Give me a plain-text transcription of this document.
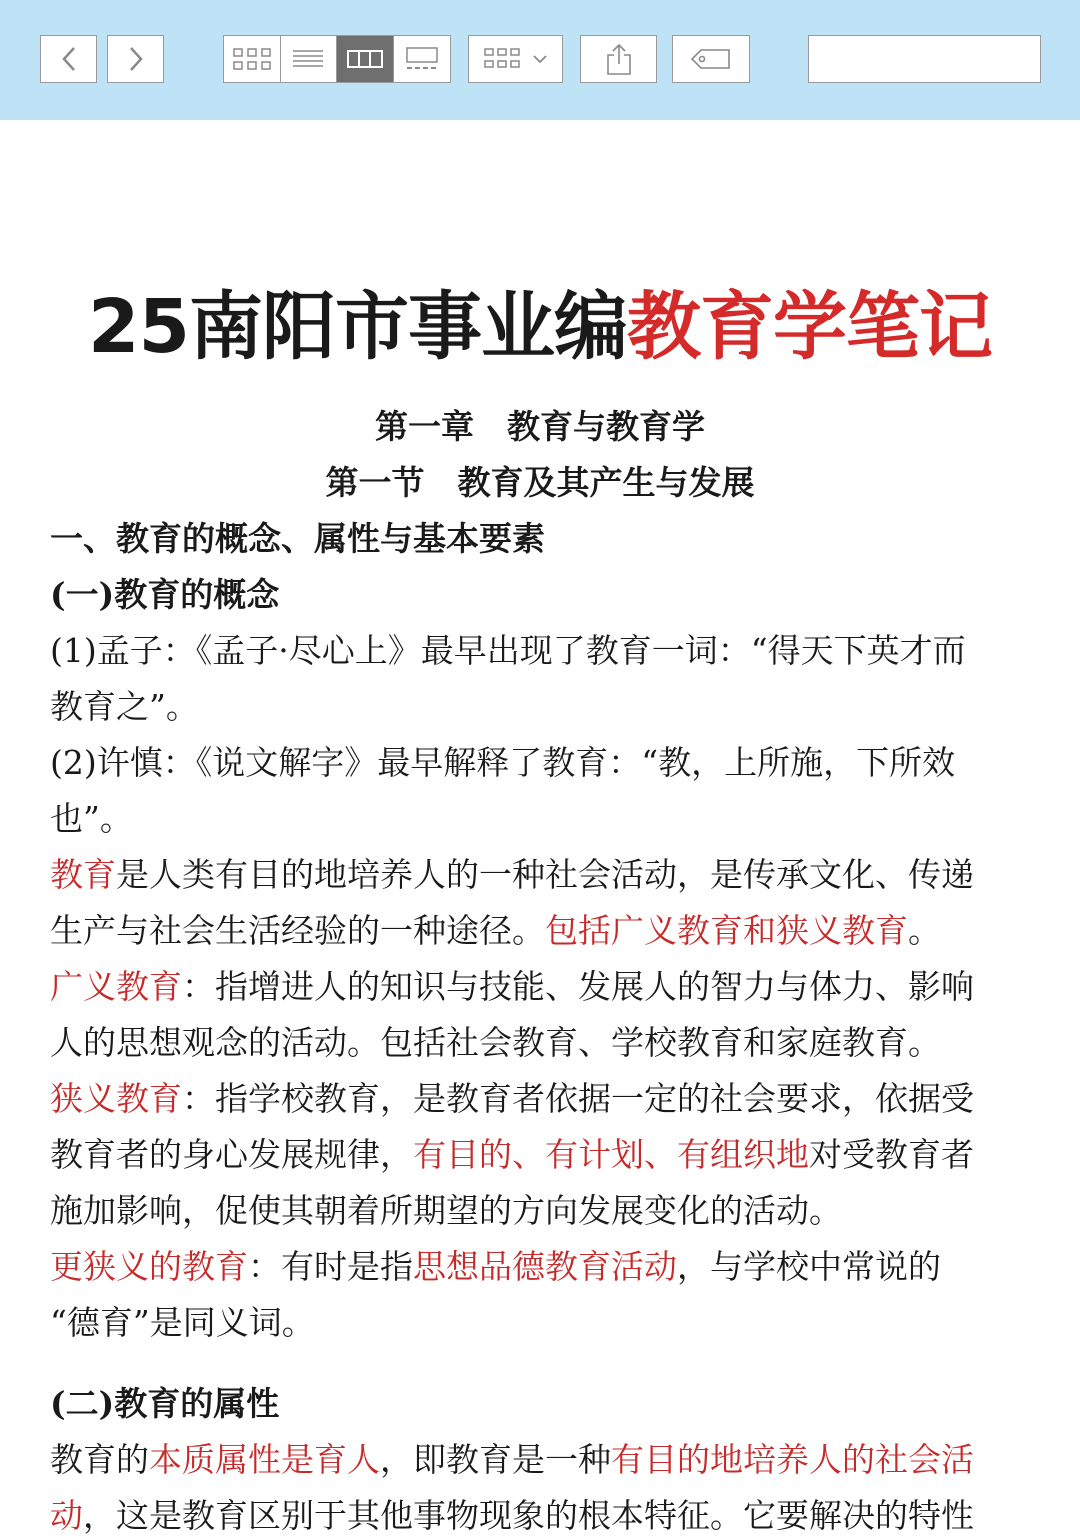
25南阳市事业编教育学笔记
第一章　教育与教育学
第一节　教育及其产生与发展
一、教育的概念、属性与基本要素
(一)教育的概念
(1)孟子：《孟子·尽心上》最早出现了教育一词：“得天下英才而
教育之”。
(2)许慎：《说文解字》最早解释了教育：“教，上所施，下所效
也”。
教育是人类有目的地培养人的一种社会活动，是传承文化、传递
生产与社会生活经验的一种途径。包括广义教育和狭义教育。
广义教育：指增进人的知识与技能、发展人的智力与体力、影响
人的思想观念的活动。包括社会教育、学校教育和家庭教育。
狭义教育：指学校教育，是教育者依据一定的社会要求，依据受
教育者的身心发展规律，有目的、有计划、有组织地对受教育者
施加影响，促使其朝着所期望的方向发展变化的活动。
更狭义的教育：有时是指思想品德教育活动，与学校中常说的
“德育”是同义词。
(二)教育的属性
教育的本质属性是育人，即教育是一种有目的地培养人的社会活
动，这是教育区别于其他事物现象的根本特征。它要解决的特性
